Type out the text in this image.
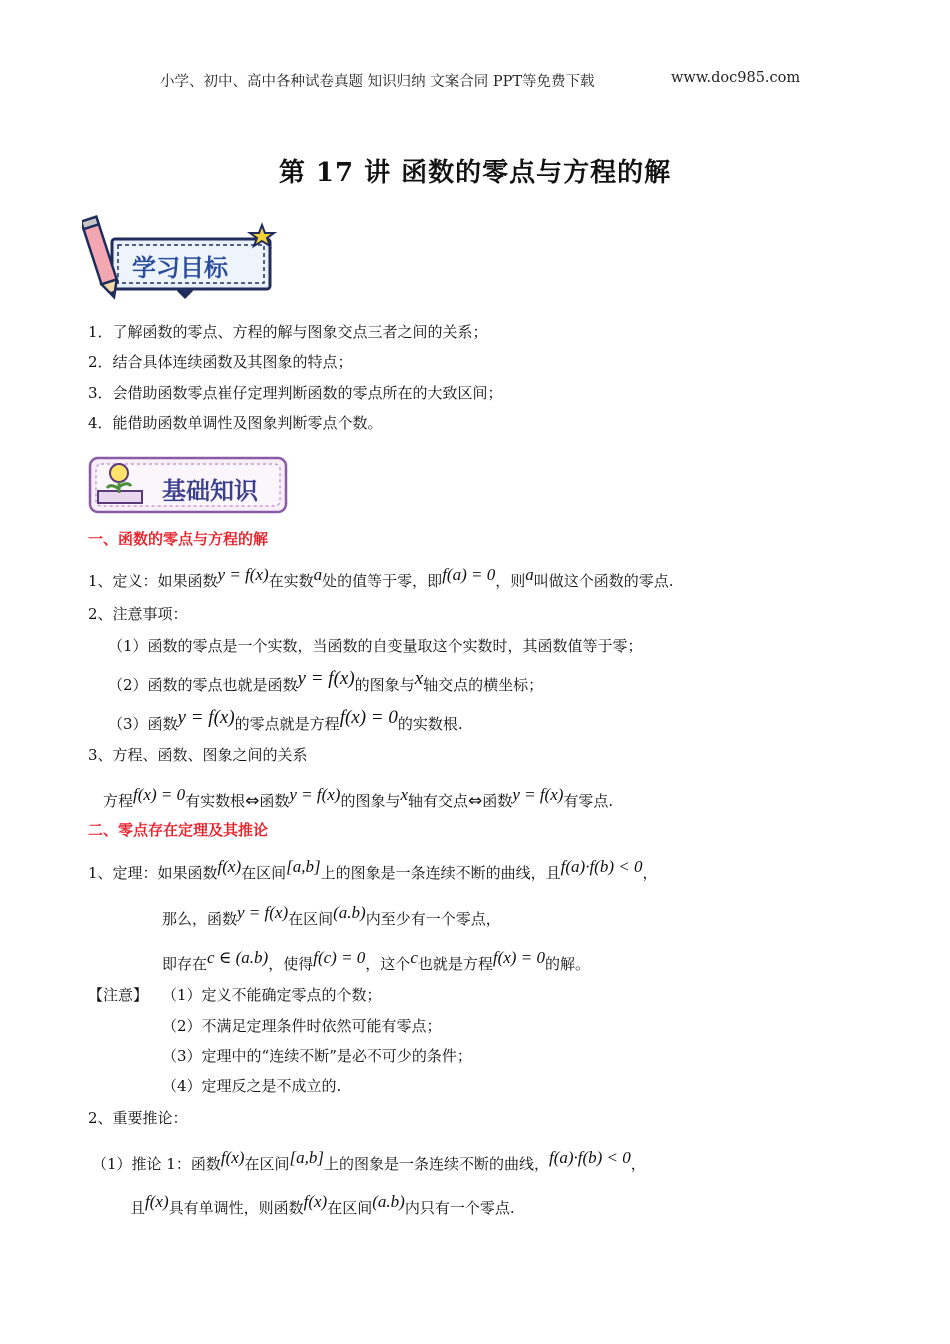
小学、初中、高中各种试卷真题 知识归纳 文案合同 PPT等免费下载	www.doc985.com
第 17 讲 函数的零点与方程的解
学习目标
1．了解函数的零点、方程的解与图象交点三者之间的关系；
2．结合具体连续函数及其图象的特点；
3．会借助函数零点崔仔定理判断函数的零点所在的大致区间；
4．能借助函数单调性及图象判断零点个数。
基础知识
一、函数的零点与方程的解
1、定义：如果函数y = f(x)在实数a处的值等于零，即f(a) = 0，则a叫做这个函数的零点.
2、注意事项：
（1）函数的零点是一个实数，当函数的自变量取这个实数时，其函数值等于零；
（2）函数的零点也就是函数y = f(x)的图象与x轴交点的横坐标；
（3）函数y = f(x)的零点就是方程f(x) = 0的实数根.
3、方程、函数、图象之间的关系
方程f(x) = 0有实数根⇔函数y = f(x)的图象与x轴有交点⇔函数y = f(x)有零点.
二、零点存在定理及其推论
1、定理：如果函数f(x)在区间[a,b]上的图象是一条连续不断的曲线，且f(a)·f(b) < 0，
那么，函数y = f(x)在区间(a.b)内至少有一个零点，
即存在c ∈ (a.b)，使得f(c) = 0，这个c也就是方程f(x) = 0的解。
【注意】 （1）定义不能确定零点的个数；
（2）不满足定理条件时依然可能有零点；
（3）定理中的“连续不断”是必不可少的条件；
（4）定理反之是不成立的.
2、重要推论：
（1）推论 1：函数f(x)在区间[a,b]上的图象是一条连续不断的曲线，f(a)·f(b) < 0，
且f(x)具有单调性，则函数f(x)在区间(a.b)内只有一个零点.
